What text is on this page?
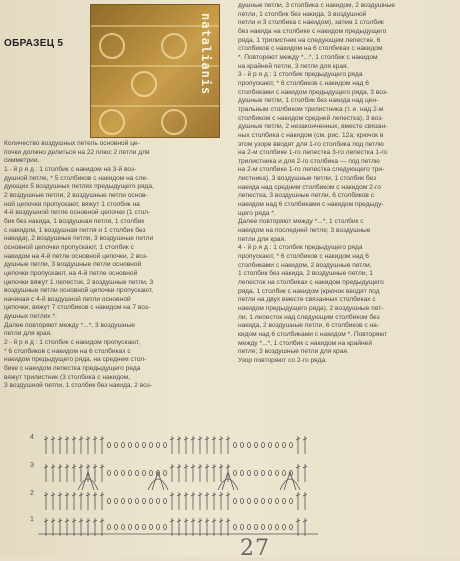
ОБРАЗЕЦ 5	natalianis

Количество воздушных петель основной це-

почки должно делиться на 22 плюс 2 петли для

симметрии.

1 - й р я д : 1 столбик с накидом на 3-й воз-

душной петле, * 5 столбиков с накидом на сле-

дующих 5 воздушных петлях предыдущего ряда,

2 воздушные петли, 2 воздушные петли основ-

ной цепочки пропускают, вяжут 1 столбик на

4-й воздушной петле основной цепочки (1 стол-

бик без накида, 1 воздушная петля, 1 столбик

с накидом, 1 воздушная петля и 1 столбик без

накида), 2 воздушные петли, 3 воздушные петли

основной цепочки пропускают, 1 столбик с

накидом на 4-й петле основной цепочки, 2 воз-

душные петли, 3 воздушные петли основной

цепочки пропускают, на 4-й петле основной

цепочки вяжут 1 лепесток, 2 воздушные петли, 3

воздушные петли основной цепочки пропускают,

начиная с 4-й воздушной петли основной

цепочки, вяжут 7 столбиков с накидом на 7 воз-

душных петлях *.

Далее повторяют между *...*, 3 воздушные

петли для края.

2 - й р я д : 1 столбик с накидом пропускают,

* 6 столбиков с накидом на 6 столбиках с

накидом предыдущего ряда, на среднем стол-

бике с накидом лепестка предыдущего ряда

вяжут трилистник (3 столбика с накидом,

3 воздушной петли, 1 столбик без накида, 2 воз-

душные петли, 3 столбика с накидом, 2 воздушные

петли, 1 столбик без накида, 3 воздушной

петли и 3 столбика с накидом), затем 1 столбик

без накида на столбике с накидом предыдущего

ряда, 1 трилистник на следующем лепестке, 6

столбиков с накидом на 6 столбиках с накидом

*. Повторяют между *...*, 1 столбик с накидом

на крайней петле, 3 петли для края.

3 - й р я д : 1 столбик предыдущего ряда

пропускают, * 6 столбиков с накидом над 6

столбиками с накидом предыдущего ряда, 3 воз-

душные петли, 1 столбик без накида над цен-

тральным столбиком трилистника (т. е. над 2-м

столбиком с накидом средней лепестка), 3 воз-

душные петли, 2 незаконченных, вместе связан-

ных столбика с накидом (см. рис. 12а; крючок в

этом узоре вводят для 1-го столбика под петлю

на 2-м столбике 1-го лепестка 3-го лепестка 1-го

трилистника и для 2-го столбика — под петлю

на 2-м столбике 1-го лепестка следующего три-

листника), 3 воздушные петли, 1 столбик без

накида над средним столбиком с накидом 2-го

лепестка, 3 воздушные петли, 6 столбиков с

накидом над 6 столбиками с накидом предыду-

щего ряда *.

Далее повторяют между *...*, 1 столбик с

накидом на последней петле; 3 воздушные

петли для края.

4 - й р я д : 1 столбик предыдущего ряда

пропускают, * 6 столбиков с накидом над 6

столбиками с накидом, 2 воздушные петли,

1 столбик без накида, 2 воздушные петли, 1

лепесток на столбиках с накидом предыдущего

ряда, 1 столбик с накидом (крючок вводят под

петли на двух вместе связанных столбиках с

накидом предыдущего ряда), 2 воздушные пет-

ли, 1 лепесток над следующим столбиком без

накида, 2 воздушные петли, 6 столбиков с на-

кидом над 6 столбиками с накидом *. Повторяют

между *...*, 1 столбик с накидом на крайней

петле; 3 воздушные петли для края.

Узор повторяют со 2-го ряда.

4
3
2
1
27
